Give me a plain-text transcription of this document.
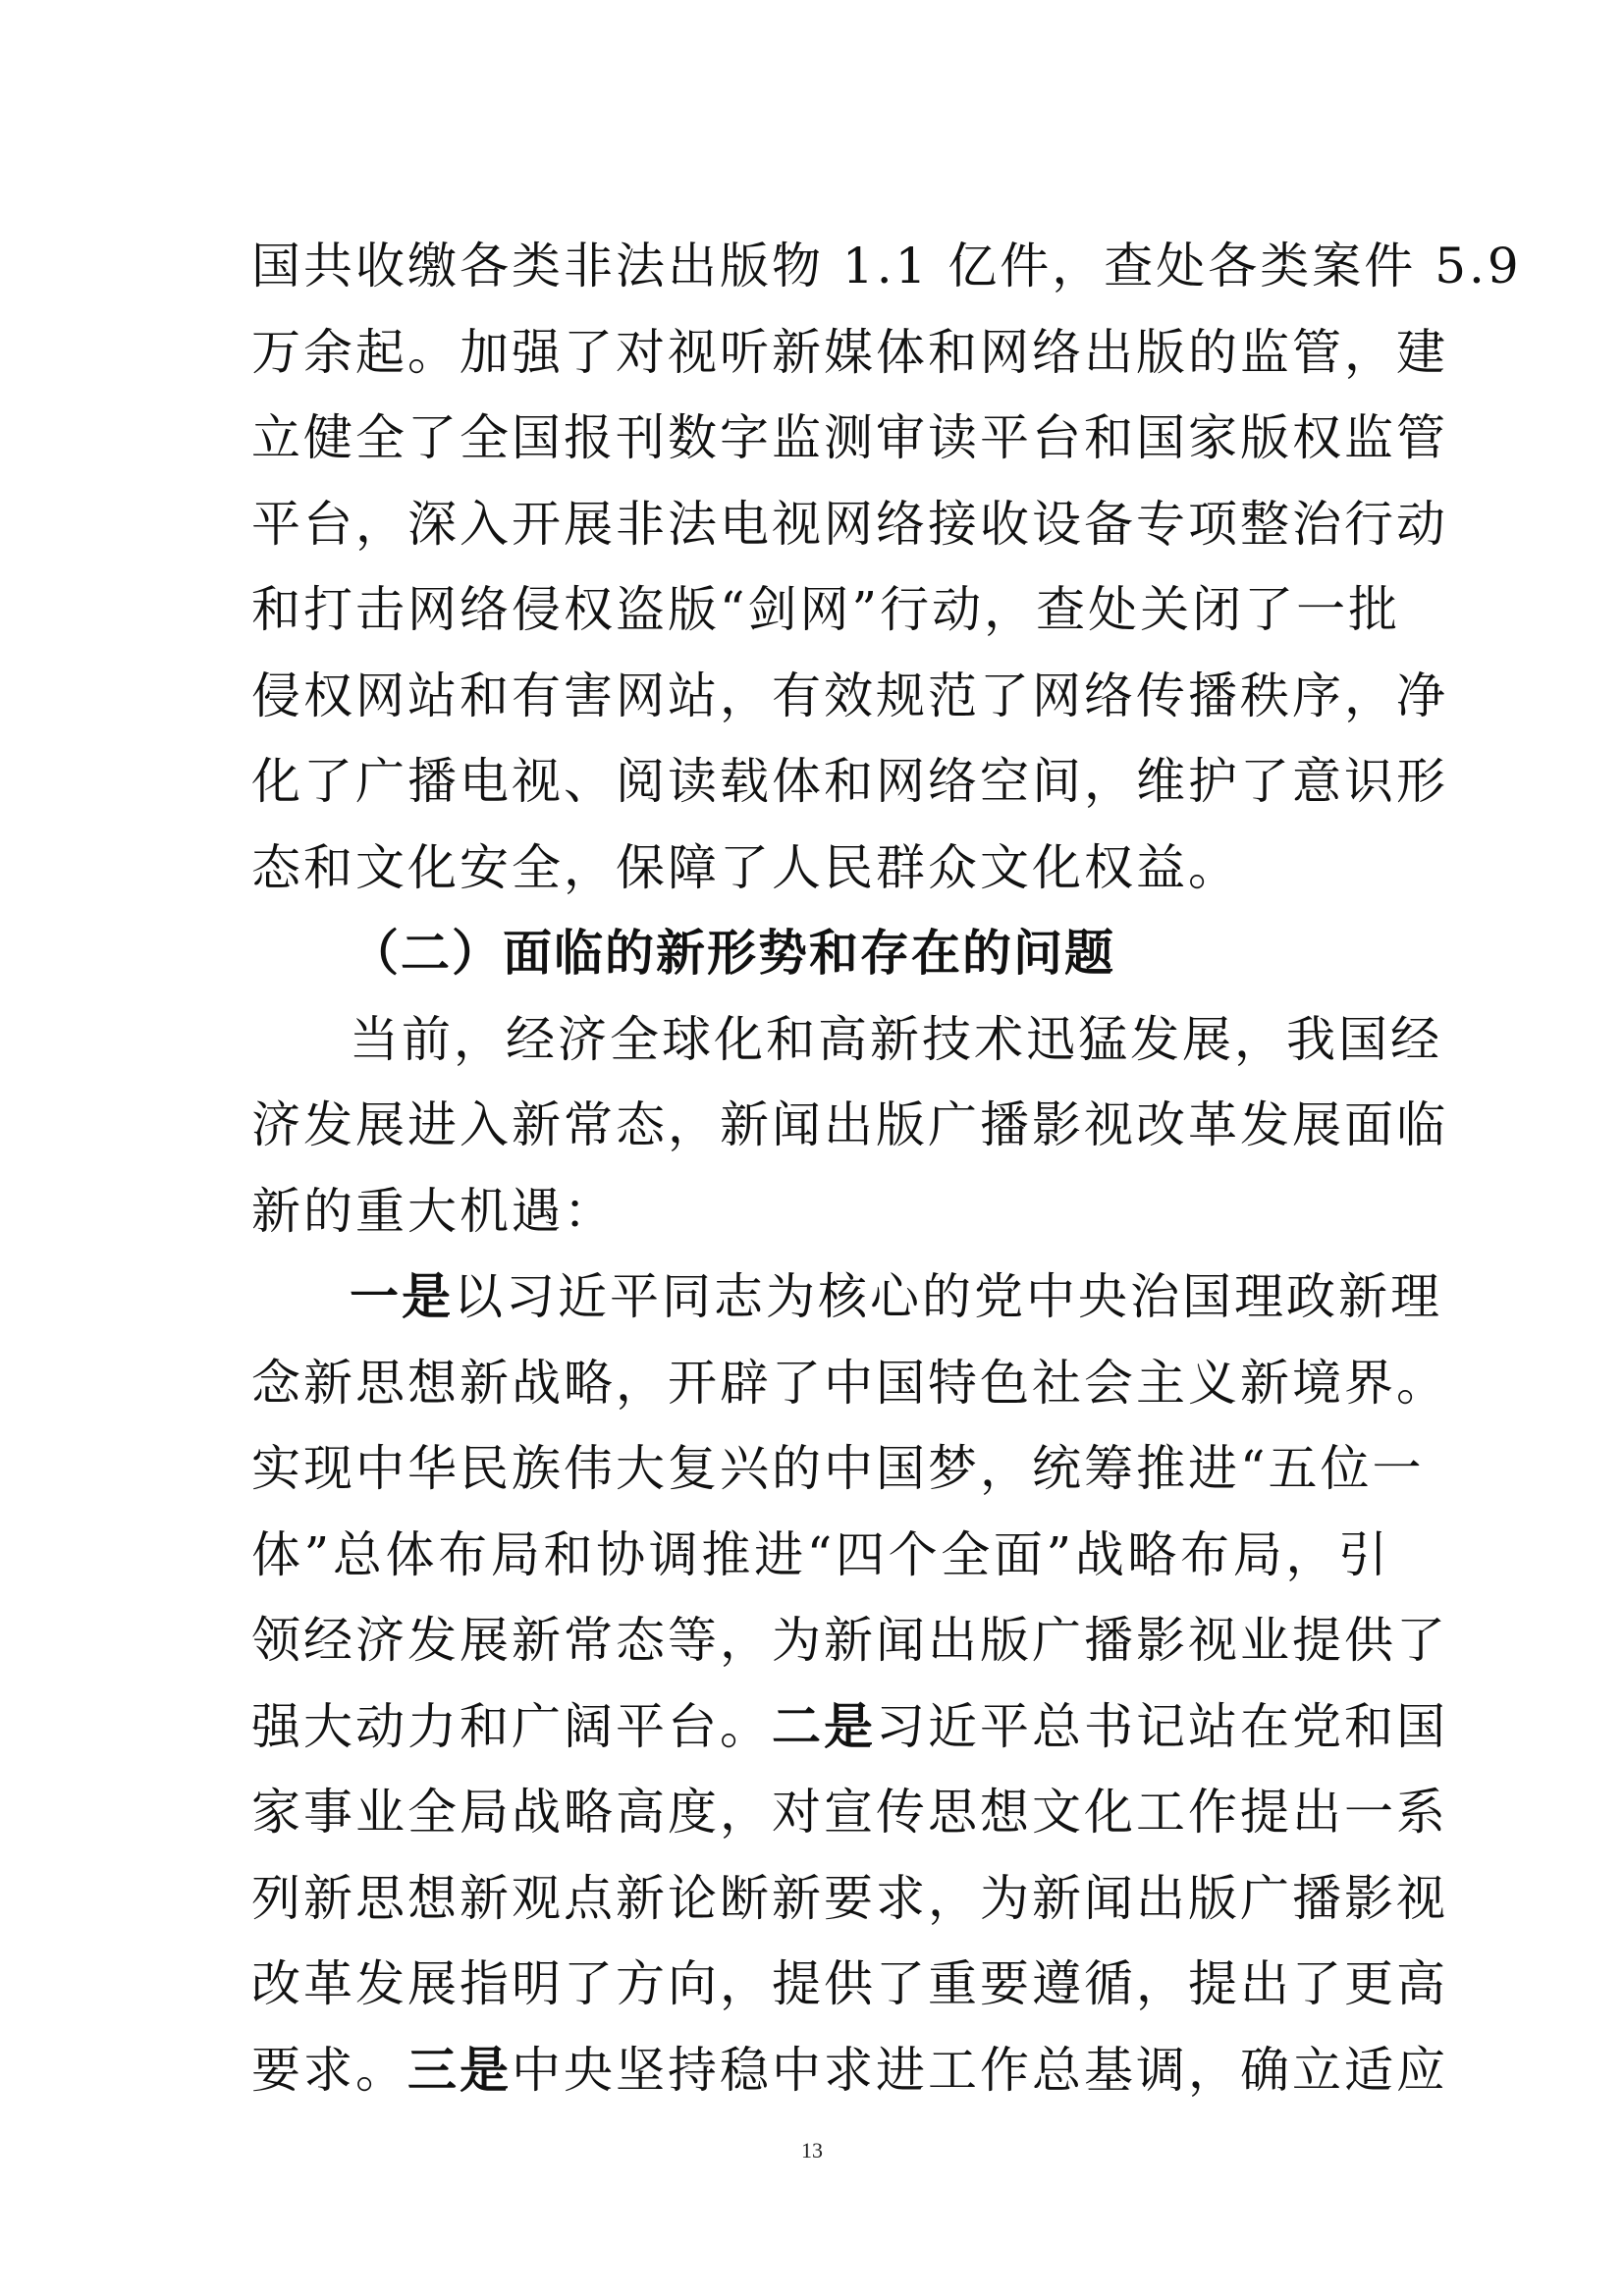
国共收缴各类非法出版物 1.1 亿件，查处各类案件 5.9
万余起。加强了对视听新媒体和网络出版的监管，建
立健全了全国报刊数字监测审读平台和国家版权监管
平台，深入开展非法电视网络接收设备专项整治行动
和打击网络侵权盗版“剑网”行动，查处关闭了一批
侵权网站和有害网站，有效规范了网络传播秩序，净
化了广播电视、阅读载体和网络空间，维护了意识形
态和文化安全，保障了人民群众文化权益。
（二）面临的新形势和存在的问题
当前，经济全球化和高新技术迅猛发展，我国经
济发展进入新常态，新闻出版广播影视改革发展面临
新的重大机遇：
一是以习近平同志为核心的党中央治国理政新理
念新思想新战略，开辟了中国特色社会主义新境界。
实现中华民族伟大复兴的中国梦，统筹推进“五位一
体”总体布局和协调推进“四个全面”战略布局，引
领经济发展新常态等，为新闻出版广播影视业提供了
强大动力和广阔平台。二是习近平总书记站在党和国
家事业全局战略高度，对宣传思想文化工作提出一系
列新思想新观点新论断新要求，为新闻出版广播影视
改革发展指明了方向，提供了重要遵循，提出了更高
要求。三是中央坚持稳中求进工作总基调，确立适应
13
